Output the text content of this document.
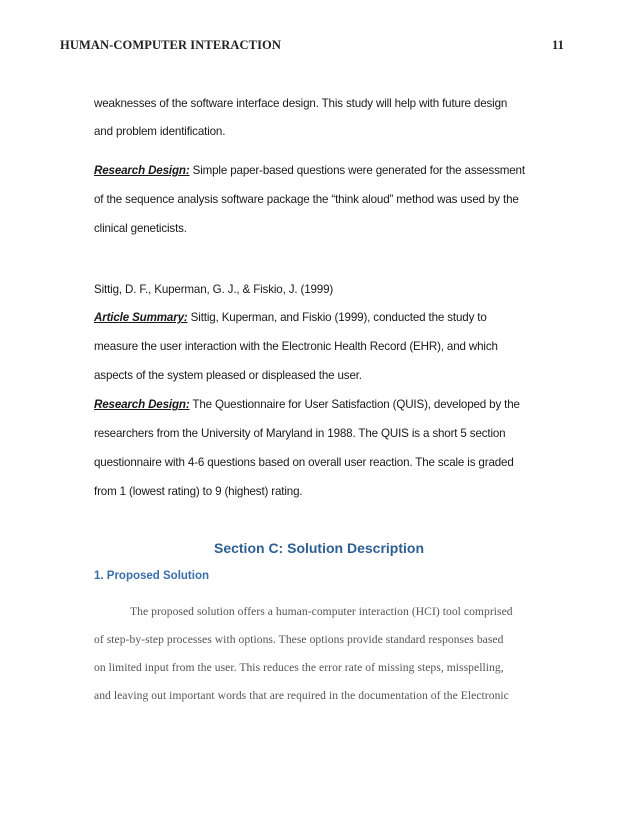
HUMAN-COMPUTER INTERACTION	11
weaknesses of the software interface design. This study will help with future design
and problem identification.
Research Design: Simple paper-based questions were generated for the assessment
of the sequence analysis software package the “think aloud” method was used by the
clinical geneticists.
Sittig, D. F., Kuperman, G. J., & Fiskio, J. (1999)
Article Summary: Sittig, Kuperman, and Fiskio (1999), conducted the study to
measure the user interaction with the Electronic Health Record (EHR), and which
aspects of the system pleased or displeased the user.
Research Design: The Questionnaire for User Satisfaction (QUIS), developed by the
researchers from the University of Maryland in 1988. The QUIS is a short 5 section
questionnaire with 4-6 questions based on overall user reaction. The scale is graded
from 1 (lowest rating) to 9 (highest) rating.
Section C: Solution Description
1. Proposed Solution
The proposed solution offers a human-computer interaction (HCI) tool comprised
of step-by-step processes with options. These options provide standard responses based
on limited input from the user. This reduces the error rate of missing steps, misspelling,
and leaving out important words that are required in the documentation of the Electronic
